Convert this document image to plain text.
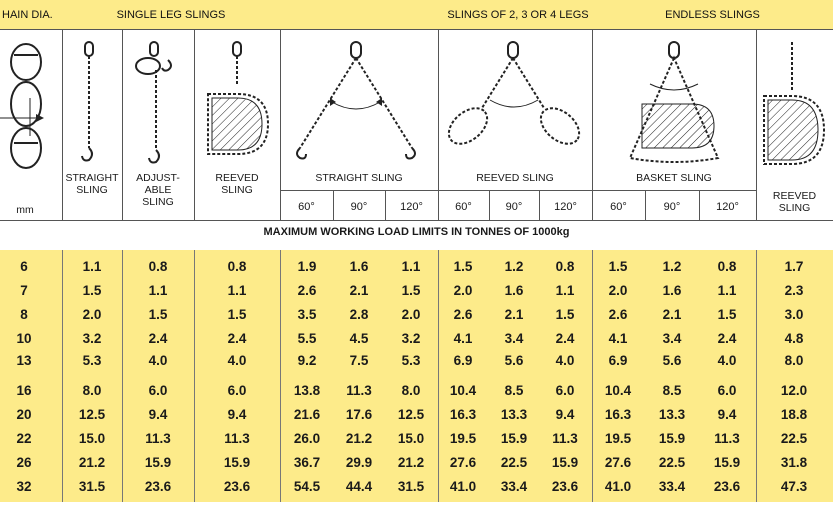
HAIN DIA.	SINGLE LEG SLINGS	SLINGS OF 2, 3 OR 4 LEGS	ENDLESS SLINGS
mm
STRAIGHT
SLING
ADJUST-
ABLE
SLING
REEVED
SLING
STRAIGHT SLING	REEVED SLING	BASKET SLING
REEVED
SLING
60°	90°	120°	60°	90°	120°	60°	90°	120°
MAXIMUM WORKING LOAD LIMITS IN TONNES OF 1000kg
6	1.1	0.8	0.8	1.9	1.6	1.1	1.5	1.2	0.8	1.5	1.2	0.8	1.7
7	1.5	1.1	1.1	2.6	2.1	1.5	2.0	1.6	1.1	2.0	1.6	1.1	2.3
8	2.0	1.5	1.5	3.5	2.8	2.0	2.6	2.1	1.5	2.6	2.1	1.5	3.0
10	3.2	2.4	2.4	5.5	4.5	3.2	4.1	3.4	2.4	4.1	3.4	2.4	4.8
13	5.3	4.0	4.0	9.2	7.5	5.3	6.9	5.6	4.0	6.9	5.6	4.0	8.0
16	8.0	6.0	6.0	13.8	11.3	8.0	10.4	8.5	6.0	10.4	8.5	6.0	12.0
20	12.5	9.4	9.4	21.6	17.6	12.5	16.3	13.3	9.4	16.3	13.3	9.4	18.8
22	15.0	11.3	11.3	26.0	21.2	15.0	19.5	15.9	11.3	19.5	15.9	11.3	22.5
26	21.2	15.9	15.9	36.7	29.9	21.2	27.6	22.5	15.9	27.6	22.5	15.9	31.8
32	31.5	23.6	23.6	54.5	44.4	31.5	41.0	33.4	23.6	41.0	33.4	23.6	47.3
